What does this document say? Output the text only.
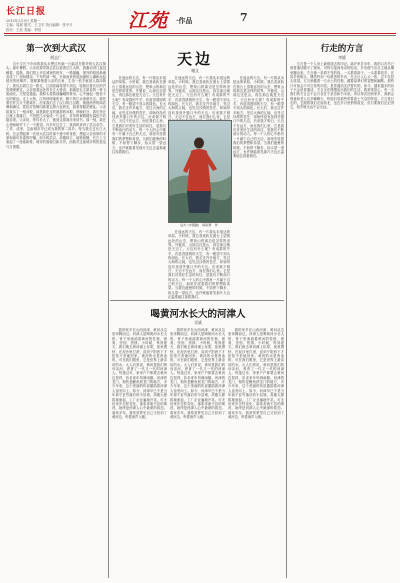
长江日报
2015年2月9日 星期一
主编：周斌 版式：王卫平 执行编辑：张中月
校对：王浩 美编：李阳	江苑 ·作品	7
第一次到大武汉
胡志广

自小生长于乡间的我从未想过有朝一日能站在繁华的大武汉街头。那年暑假，父亲说要带我去武汉看看长江大桥，我激动得几夜没睡着。清晨，我们搭上开往城里的班车，一路颠簸，窗外的稻田渐渐变成了厂房和楼房。下车的那一刻，扑面而来的是汹涌的人潮和此起彼伏的吆喝声，我紧紧拽着父亲的衣角，生怕一松手就被人群冲散了。我们沿着江边一路走，江面宽阔得望不到边，轮船拉着长长的汽笛缓缓驶过。父亲指着远处的长江大桥说，那就是毛主席说的一桥飞架南北，天堑变通途。我仰头看着那巍峨的桥身，心中涌起一股说不出的豪迈。走上大桥，江风呼呼地吹来，脚下的江水滚滚东去，我扶着栏杆久久不愿离开。后来我们去了汉口的江汉路，街道两旁的商店琳琅满目，霓虹灯招牌闪烁着五颜六色的光，我看得眼花缭乱。父亲给我买了一根冰棍，那是我吃过的最甜的冰棍。傍晚时分，我们坐在江滩上看落日，夕阳把江水染成一片金红，对岸的黄鹤楼在暮色中若隐若现。父亲说，等你长大了，就到这座城市来读书。那一刻，我在心里暗暗许下了一个愿望。许多年过去了，我真的来到了武汉求学、工作、成家，这座城市早已成为我的第二故乡。每当我走过长江大桥，总会想起第一次到大武汉时那个瘦小的身影，想起父亲宽厚的手掌和那句朴素的叮嘱。如今的武汉，高楼林立，地铁纵横，长江上又架起了一座座新桥，城市的面貌日新月异，而我对这座城市的热爱也与日俱增。

天边
谢文

在遥远的天边，有一片我从未抵达的草原。小时候，我总喜欢趴在窗台上望着远处的山峦，想象山的那边是怎样的世界。外婆说，山那边还是山，再往那边就是天边了。天边有什么呢？有成群的牛羊，有蓝得透明的天空，有一眼望不到头的绿色。长大后，我走过许多地方，见过大海的辽阔，也见过沙漠的苍茫，却始终没有找到外婆口中的天边。后来我才明白，天边不在远方，而在我们心里。它是我们对美好生活的向往，是我们不断前行的动力。每一个人的心中都有一片属于自己的天边，那里安放着我们的梦想和希望。当我们疲惫的时候，不妨停下脚步，抬头望一望远方，也许就能看见那片天边正温柔地注视着我们。

在遥远的天边，有一片我从未抵达的草原。小时候，我总喜欢趴在窗台上望着远处的山峦，想象山的那边是怎样的世界。外婆说，山那边还是山，再往那边就是天边了。天边有什么呢？有成群的牛羊，有蓝得透明的天空，有一眼望不到头的绿色。长大后，我走过许多地方，见过大海的辽阔，也见过沙漠的苍茫，却始终没有找到外婆口中的天边。后来我才明白，天边不在远方，而在我们心里。它是我们对美好生活的向往，是我们不断前行的动力。每一个人的心中都有一片属于自己的天边，那里安放着我们的梦想和希望。当我们疲惫的时候，不妨停下脚步，抬头望一望远方，也许就能看见那片天边正温柔地注视着我们。

在遥远的天边，有一片我从未抵达的草原。小时候，我总喜欢趴在窗台上望着远处的山峦，想象山的那边是怎样的世界。外婆说，山那边还是山，再往那边就是天边了。天边有什么呢？有成群的牛羊，有蓝得透明的天空，有一眼望不到头的绿色。长大后，我走过许多地方，见过大海的辽阔，也见过沙漠的苍茫，却始终没有找到外婆口中的天边。后来我才明白，天边不在远方，而在我们心里。它是

远方 (中国画)　杨雨青　作

在遥远的天边，有一片我从未抵达的草原。小时候，我总喜欢趴在窗台上望着远处的山峦，想象山的那边是怎样的世界。外婆说，山那边还是山，再往那边就是天边了。天边有什么呢？有成群的牛羊，有蓝得透明的天空，有一眼望不到头的绿色。长大后，我走过许多地方，见过大海的辽阔，也见过沙漠的苍茫，却始终没有找到外婆口中的天边。后来我才明白，天边不在远方，而在我们心里。它是我们对美好生活的向往，是我们不断前行的动力。每一个人的心中都有一片属于自己的天边，那里安放着我们的梦想和希望。当我们疲惫的时候，不妨停下脚步，抬头望一望远方，也许就能看见那片天边正温柔地注视着我们。

喝黄河水长大的河津人
吴斌

我的家乡在山西河津，黄河从这里奔腾而过。河津人是喝黄河水长大的，骨子里流淌着黄河的性格，豪爽、坚韧、热情。小时候，每到夏天，我们就去黄河滩上玩耍，捉鱼摸虾，在泥沙里打滚，直到夕阳西下才依依不舍地回家。黄河的水是浑浊的，可在我们眼里，它是世界上最亲切的水。大人们常说，黄河是我们的母亲河，养育了一代又一代的河津人。每逢过年，家家户户都要去黄河边祭拜，祈求来年风调雨顺。河津的龙门，相传是鲤鱼跃龙门的地方，多少年来，这个美丽的传说激励着河津人奋发向上。如今，河津早已不是当年那个贫穷落后的小县城，高楼大厦拔地而起，工厂企业遍地开花。可无论家乡怎样变化，那条奔流不息的黄河，始终是河津人心中最深的眷恋。离家多年，我常常梦见自己又回到了黄河边，听着涛声入睡。

我的家乡在山西河津，黄河从这里奔腾而过。河津人是喝黄河水长大的，骨子里流淌着黄河的性格，豪爽、坚韧、热情。小时候，每到夏天，我们就去黄河滩上玩耍，捉鱼摸虾，在泥沙里打滚，直到夕阳西下才依依不舍地回家。黄河的水是浑浊的，可在我们眼里，它是世界上最亲切的水。大人们常说，黄河是我们的母亲河，养育了一代又一代的河津人。每逢过年，家家户户都要去黄河边祭拜，祈求来年风调雨顺。河津的龙门，相传是鲤鱼跃龙门的地方，多少年来，这个美丽的传说激励着河津人奋发向上。如今，河津早已不是当年那个贫穷落后的小县城，高楼大厦拔地而起，工厂企业遍地开花。可无论家乡怎样变化，那条奔流不息的黄河，始终是河津人心中最深的眷恋。离家多年，我常常梦见自己又回到了黄河边，听着涛声入睡。

我的家乡在山西河津，黄河从这里奔腾而过。河津人是喝黄河水长大的，骨子里流淌着黄河的性格，豪爽、坚韧、热情。小时候，每到夏天，我们就去黄河滩上玩耍，捉鱼摸虾，在泥沙里打滚，直到夕阳西下才依依不舍地回家。黄河的水是浑浊的，可在我们眼里，它是世界上最亲切的水。大人们常说，黄河是我们的母亲河，养育了一代又一代的河津人。每逢过年，家家户户都要去黄河边祭拜，祈求来年风调雨顺。河津的龙门，相传是鲤鱼跃龙门的地方，多少年来，这个美丽的传说激励着河津人奋发向上。如今，河津早已不是当年那个贫穷落后的小县城，高楼大厦拔地而起，工厂企业遍地开花。可无论家乡怎样变化，那条奔流不息的黄河，始终是河津人心中最深的眷恋。离家多年，我常常梦见自己又回到了黄河边，听着涛声入睡。

行走的方言
李媛

方言是一个人身上最难抹去的印记。离开家乡多年，我的口音早已被普通话磨平了棱角，可每当接到母亲的电话，乡音便不由自主地从嘴里蹦出来。方言像一条看不见的线，一头系着游子，一头系着故乡。在异乡的街头，偶然听到一句熟悉的乡音，总会让人心头一热，忍不住回头张望。方言里藏着一方水土的性格，藏着祖辈们的智慧和幽默。那些只可意会不可言传的词语，是普通话无法替代的。如今，越来越多的孩子只会说普通话，方言正在慢慢淡出我们的生活。我常常担心，有一天我们的方言会不会只存在于录音和书本里。所以每次回到家乡，我都会刻意和老人们多聊聊天，听他们讲那些带着泥土气息的老话。方言是行走的，它跟着我们走南闯北，也在岁月里悄悄改变，但只要我们还记得它，故乡就永远不会走远。
